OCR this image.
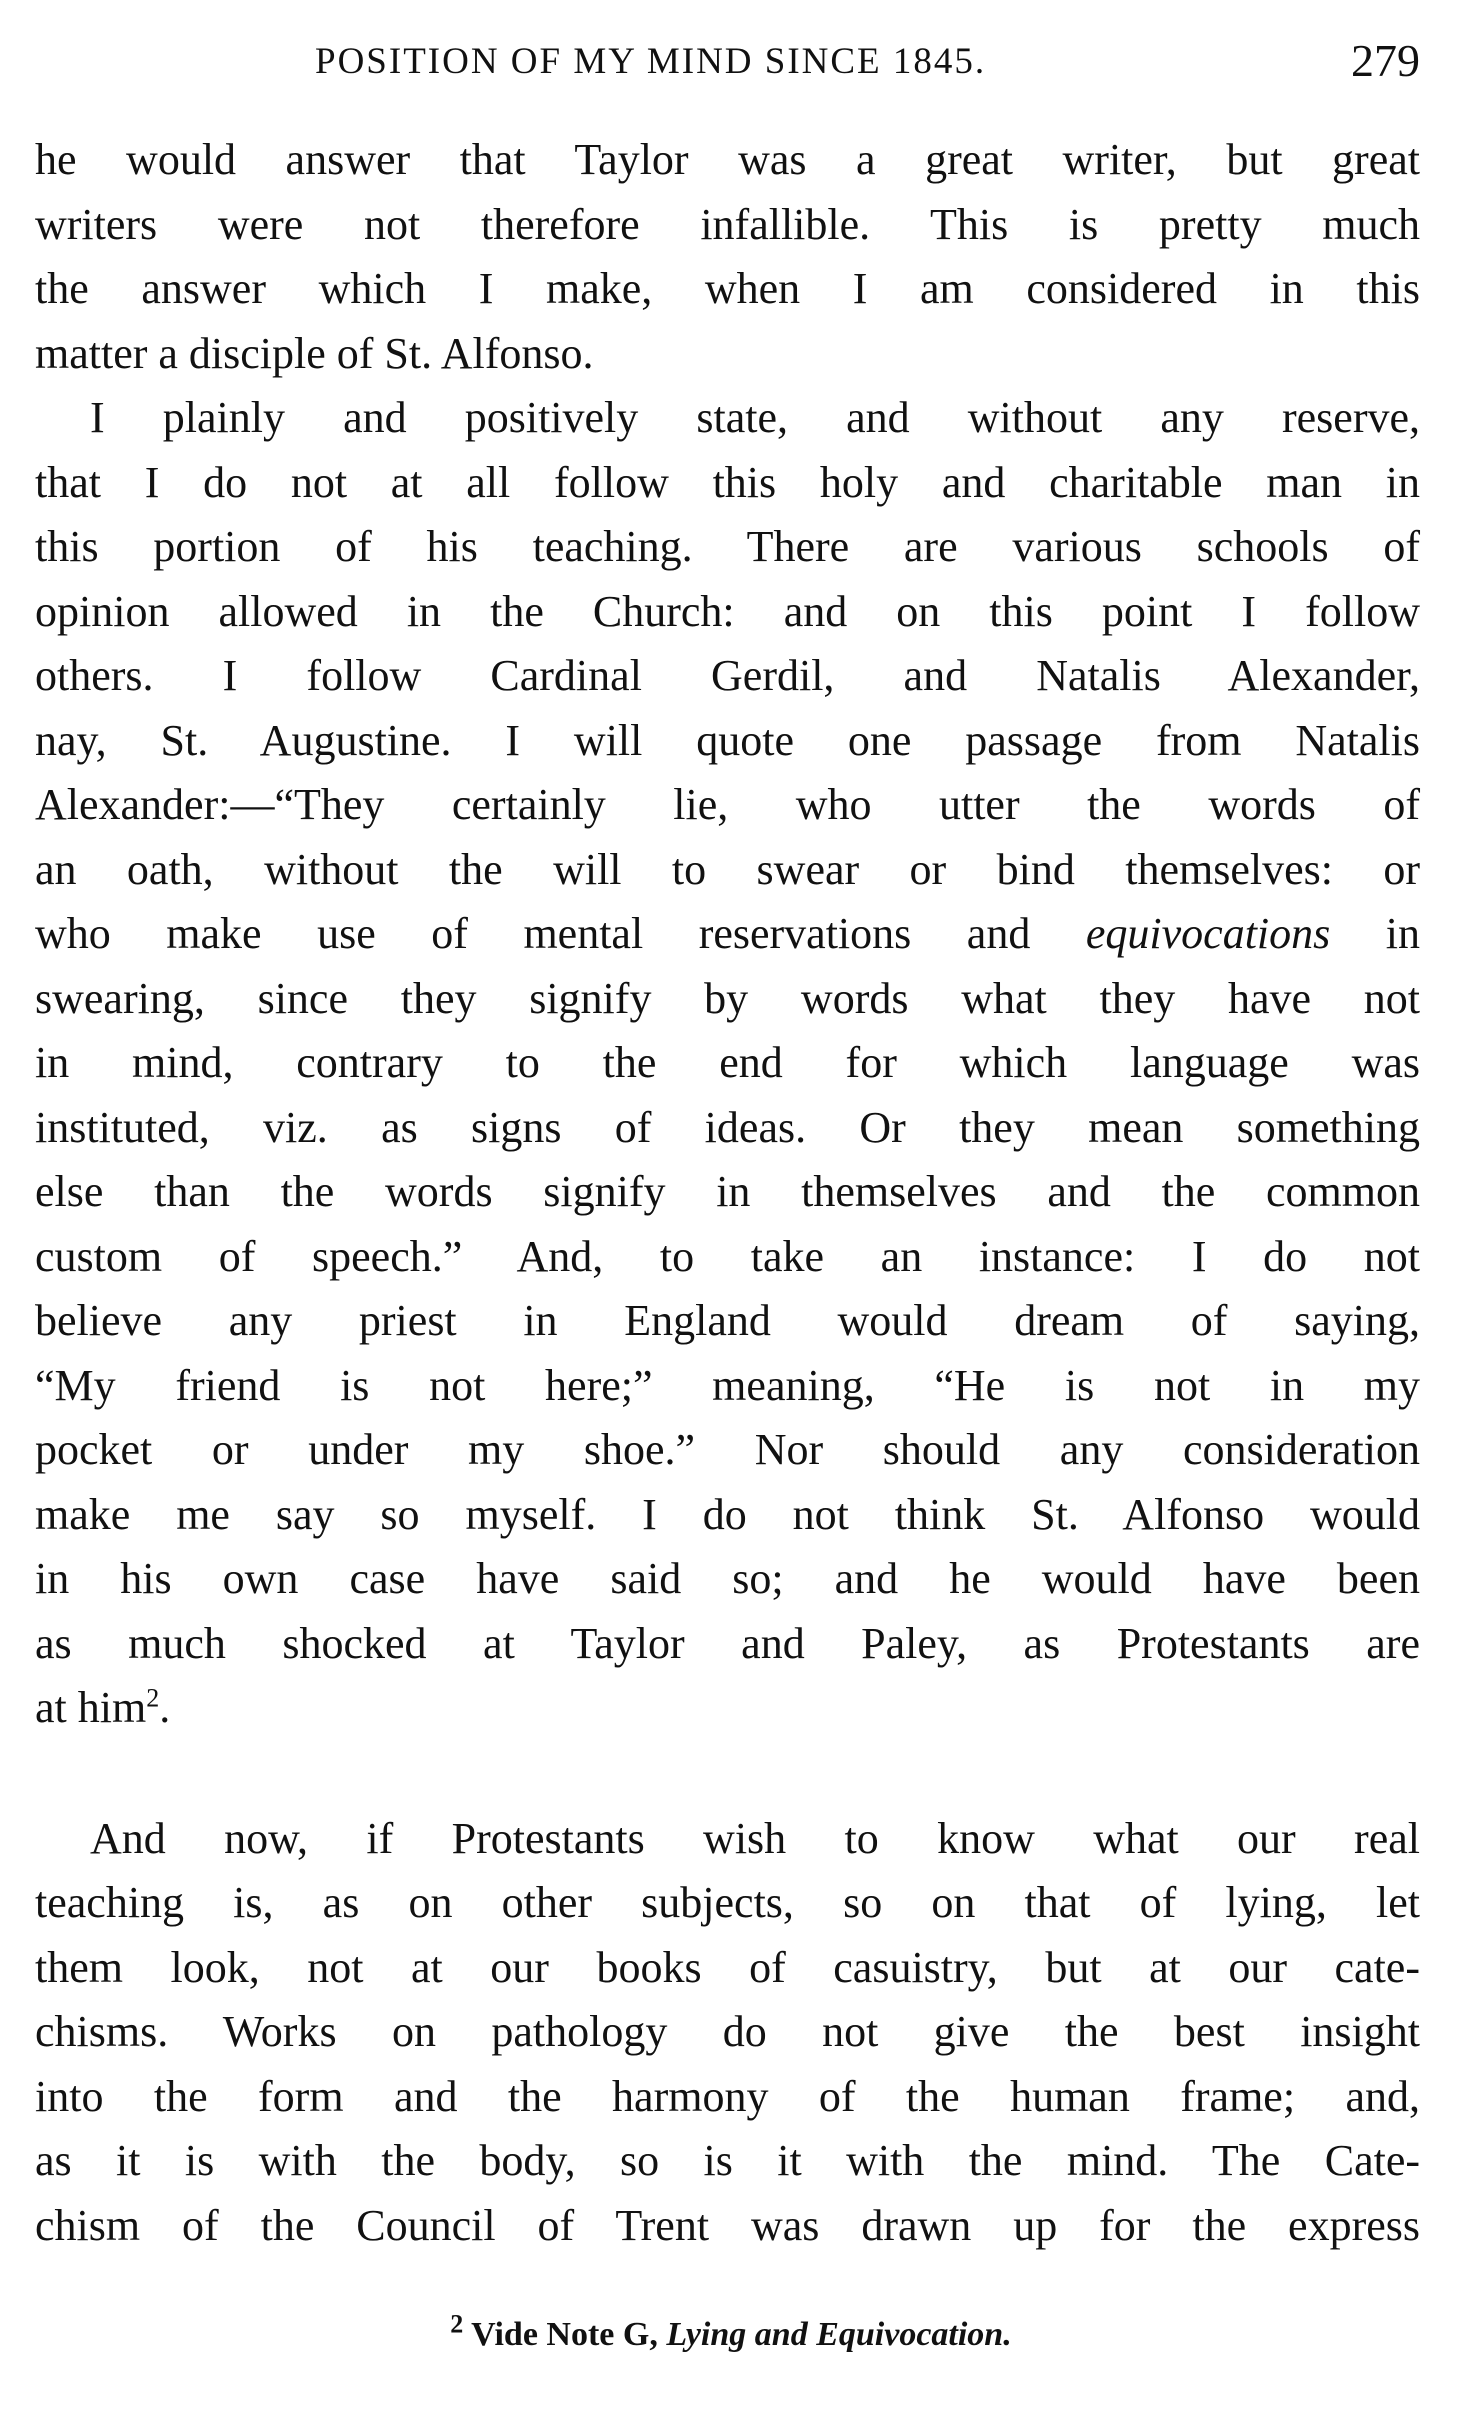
POSITION OF MY MIND SINCE 1845.	279

he would answer that Taylor was a great writer, but great
writers were not therefore infallible. This is pretty much
the answer which I make, when I am considered in this
matter a disciple of St. Alfonso.

I plainly and positively state, and without any reserve,
that I do not at all follow this holy and charitable man in
this portion of his teaching. There are various schools of
opinion allowed in the Church: and on this point I follow
others. I follow Cardinal Gerdil, and Natalis Alexander,
nay, St. Augustine. I will quote one passage from Natalis
Alexander:—“They certainly lie, who utter the words of
an oath, without the will to swear or bind themselves: or
who make use of mental reservations and equivocations in
swearing, since they signify by words what they have not
in mind, contrary to the end for which language was
instituted, viz. as signs of ideas. Or they mean something
else than the words signify in themselves and the common
custom of speech.” And, to take an instance: I do not
believe any priest in England would dream of saying,
“My friend is not here;” meaning, “He is not in my
pocket or under my shoe.” Nor should any consideration
make me say so myself. I do not think St. Alfonso would
in his own case have said so; and he would have been
as much shocked at Taylor and Paley, as Protestants are
at him$^2$.

And now, if Protestants wish to know what our real
teaching is, as on other subjects, so on that of lying, let
them look, not at our books of casuistry, but at our cate-
chisms. Works on pathology do not give the best insight
into the form and the harmony of the human frame; and,
as it is with the body, so is it with the mind. The Cate-
chism of the Council of Trent was drawn up for the express

$^2$ Vide Note G, Lying and Equivocation.
